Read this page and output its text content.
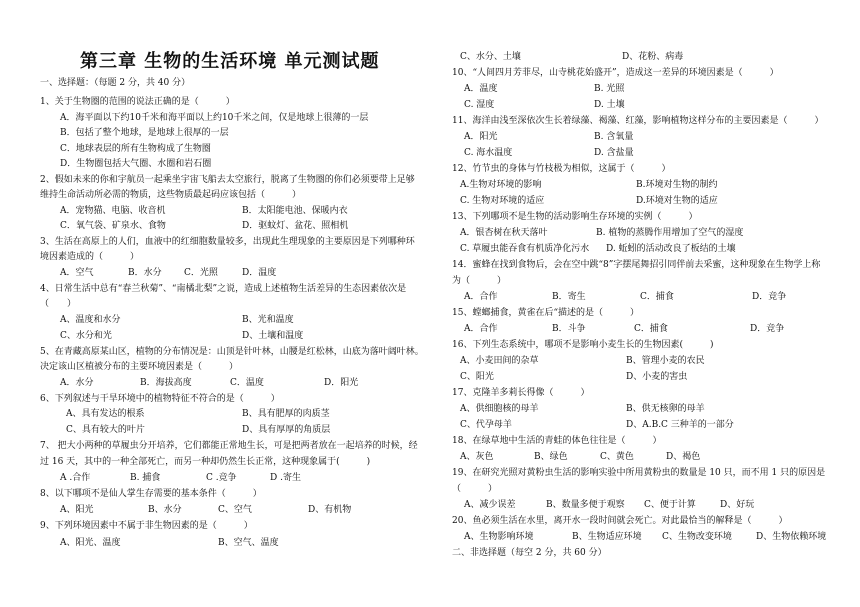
第三章 生物的生活环境 单元测试题
一、选择题：（每题 2 分，共 40 分）
1、关于生物圈的范围的说法正确的是（　　　）
A．海平面以下约10千米和海平面以上约10千米之间，仅是地球上很薄的一层
B．包括了整个地球，是地球上很厚的一层
C．地球表层的所有生物构成了生物圈
D．生物圈包括大气圈、水圈和岩石圈
2、假如未来的你和宇航员一起乘坐宇宙飞船去太空旅行，脱离了生物圈的你们必须要带上足够
维持生命活动所必需的物质，这些物质最起码应该包括（　　　）
A．宠物猫、电脑、收音机	B．太阳能电池、保暖内衣
C．氧气袋、矿泉水、食物	D．驱蚊灯、盆花、照相机
3、生活在高原上的人们，血液中的红细胞数量较多，出现此生理现象的主要原因是下列哪种环
境因素造成的（　　　）
A．空气	B．水分 C．光照	D．温度
4、日常生活中总有“春兰秋菊”、“南橘北梨”之说，造成上述植物生活差异的生态因素依次是
（　　）
A、温度和水分	B、光和温度
C、水分和光	D、土壤和温度
5、在青藏高原某山区，植物的分布情况是：山顶是针叶林，山腰是红松林，山底为落叶阔叶林。
决定该山区植被分布的主要环境因素是（　　　）
A．水分	B．海拔高度	C．温度	D．阳光
6、下列叙述与干旱环境中的植物特征不符合的是（　　　）
A、具有发达的根系	B、具有肥厚的肉质茎
C、具有较大的叶片	D、具有厚厚的角质层
7、 把大小两种的草履虫分开培养，它们都能正常地生长，可是把两者放在一起培养的时候，经
过 16 天，其中的一种全部死亡，而另一种却仍然生长正常，这种现象属于(　　　)
A .合作	B. 捕食	C .竞争	D .寄生
8、以下哪项不是仙人掌生存需要的基本条件（　　　）
A、阳光	B、水分	C、空气	D、有机物
9、下列环境因素中不属于非生物因素的是（　　　）
A、阳光、温度	B、空气、温度
C、水分、土壤	D、花粉、病毒
10、“人间四月芳菲尽，山寺桃花始盛开”，造成这一差异的环境因素是（　　　）
A．温度	B. 光照
C. 湿度	D. 土壤
11、海洋由浅至深依次生长着绿藻、褐藻、红藻，影响植物这样分布的主要因素是（　　　）
A．阳光	B. 含氧量
C. 海水温度	D. 含盐量
12、竹节虫的身体与竹枝极为相似，这属于（　　　）
A.生物对环境的影响	B.环境对生物的制约
C. 生物对环境的适应	D.环境对生物的适应
13、下列哪项不是生物的活动影响生存环境的实例（　　　）
A．银杏树在秋天落叶	B. 植物的蒸腾作用增加了空气的湿度
C. 草履虫能吞食有机质净化污水 D. 蚯蚓的活动改良了板结的土壤
14．蜜蜂在找到食物后，会在空中跳“8”字摆尾舞招引同伴前去采蜜，这种现象在生物学上称
为（　　　）
A．合作	B．寄生	C．捕食	D．竞争
15、螳螂捕食，黄雀在后“描述的是（　　　）
A．合作	B．斗争	C．捕食	D．竞争
16、下列生态系统中，哪项不是影响小麦生长的生物因素(　　　)
A、小麦田间的杂草	B、管理小麦的农民
C、阳光	D、小麦的害虫
17、克隆羊多莉长得像（　　　）
A、供细胞核的母羊	B、供无核卵的母羊
C、代孕母羊	D、A.B.C 三种羊的一部分
18、在绿草地中生活的青蛙的体色往往是（　　　）
A、灰色	B、绿色	C、黄色	D、褐色
19、在研究光照对黄粉虫生活的影响实验中所用黄粉虫的数量是 10 只，而不用 1 只的原因是
（　　　）
A、减少误差	B、数量多便于观察 C、便于计算	D、好玩
20、鱼必须生活在水里，离开水一段时间就会死亡。对此最恰当的解释是（　　　）
A、生物影响环境	B、生物适应环境 C、生物改变环境	D、生物依赖环境
二、非选择题（每空 2 分，共 60 分）
